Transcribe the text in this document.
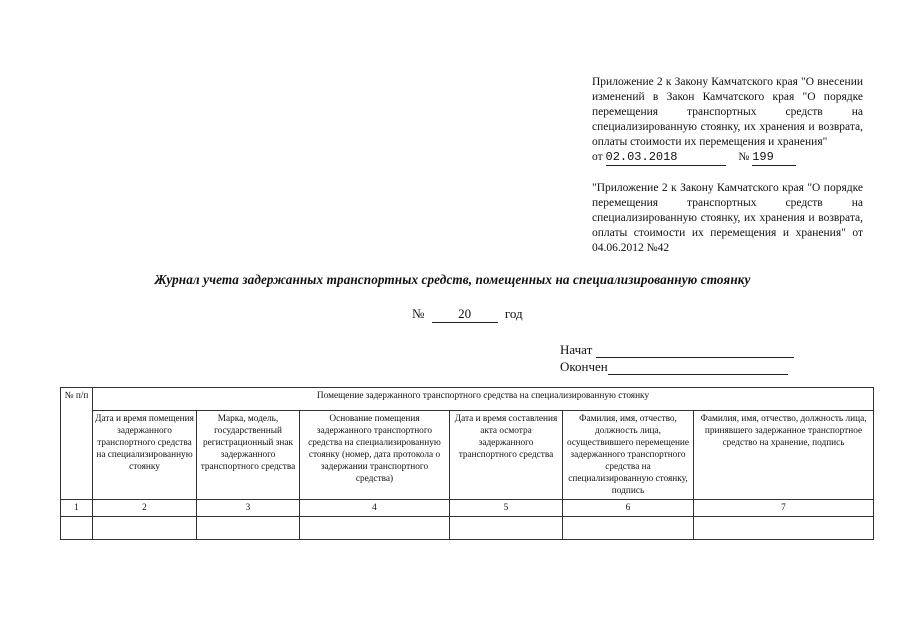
Приложение 2 к Закону Камчатского края "О внесении изменений в Закон Камчатского края "О порядке перемещения транспортных средств на специализированную стоянку, их хранения и возврата, оплаты стоимости их перемещения и хранения"
от 02.03.2018	№ 199
"Приложение 2 к Закону Камчатского края "О порядке перемещения транспортных средств на специализированную стоянку, их хранения и возврата, оплаты стоимости их перемещения и хранения" от 04.06.2012 №42
Журнал учета задержанных транспортных средств, помещенных на специализированную стоянку
№	20	год
Начат
Окончен
№ п/п	Помещение задержанного транспортного средства на специализированную стоянку					
	Дата и время помещения задержанного транспортного средства на специализированную стоянку	Марка, модель, государственный регистрационный знак задержанного транспортного средства	Основание помещения задержанного транспортного средства на специализированную стоянку (номер, дата протокола о задержании транспортного средства)	Дата и время составления акта осмотра задержанного транспортного средства	Фамилия, имя, отчество, должность лица, осуществившего перемещение задержанного транспортного средства на специализированную стоянку, подпись	Фамилия, имя, отчество, должность лица, принявшего задержанное транспортное средство на хранение, подпись
1	2	3	4	5	6	7
